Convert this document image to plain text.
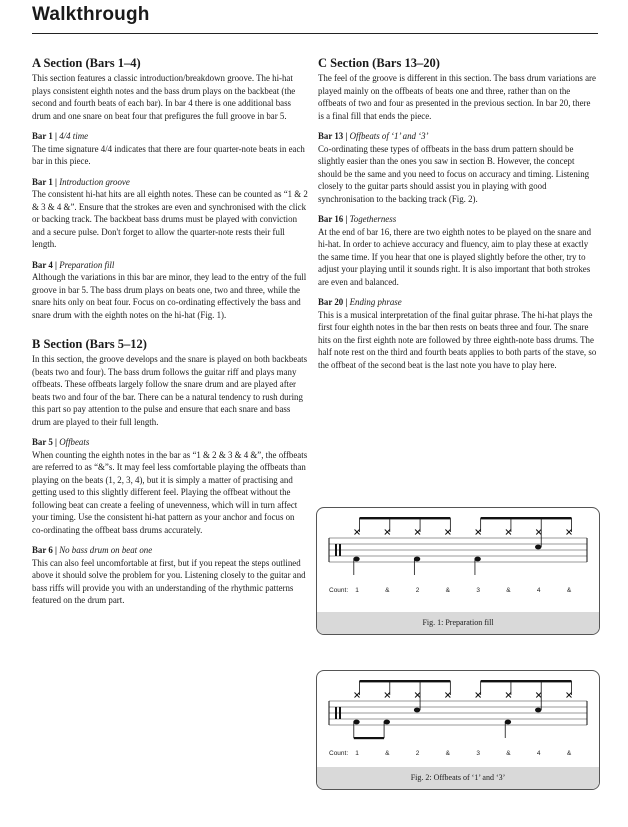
Walkthrough
A Section (Bars 1–4)

This section features a classic introduction/breakdown groove. The hi-hat plays consistent eighth notes and the bass drum plays on the backbeat (the second and fourth beats of each bar). In bar 4 there is one additional bass drum and one snare on beat four that prefigures the full groove in bar 5.

Bar 1 | 4/4 time

The time signature 4/4 indicates that there are four quarter-note beats in each bar in this piece.

Bar 1 | Introduction groove

The consistent hi-hat hits are all eighth notes. These can be counted as “1 & 2 & 3 & 4 &”. Ensure that the strokes are even and synchronised with the click or backing track. The backbeat bass drums must be played with conviction and a secure pulse. Don't forget to allow the quarter-note rests their full length.

Bar 4 | Preparation fill

Although the variations in this bar are minor, they lead to the entry of the full groove in bar 5. The bass drum plays on beats one, two and three, while the snare hits only on beat four. Focus on co-ordinating effectively the bass and snare drum with the eighth notes on the hi-hat (Fig. 1).

B Section (Bars 5–12)

In this section, the groove develops and the snare is played on both backbeats (beats two and four). The bass drum follows the guitar riff and plays many offbeats. These offbeats largely follow the snare drum and are played after beats two and four of the bar. There can be a natural tendency to rush during this part so pay attention to the pulse and ensure that each snare and bass drum are played to their full length.

Bar 5 | Offbeats

When counting the eighth notes in the bar as “1 & 2 & 3 & 4 &”, the offbeats are referred to as “&”s. It may feel less comfortable playing the offbeats than playing on the beats (1, 2, 3, 4), but it is simply a matter of practising and getting used to this slightly different feel. Playing the offbeat without the following beat can create a feeling of unevenness, which will in turn affect your timing. Use the consistent hi-hat pattern as your anchor and focus on co-ordinating the offbeat bass drums accurately.

Bar 6 | No bass drum on beat one

This can also feel uncomfortable at first, but if you repeat the steps outlined above it should solve the problem for you. Listening closely to the guitar and bass riffs will provide you with an understanding of the rhythmic patterns featured on the drum part.

C Section (Bars 13–20)

The feel of the groove is different in this section. The bass drum variations are played mainly on the offbeats of beats one and three, rather than on the offbeats of two and four as presented in the previous section. In bar 20, there is a final fill that ends the piece.

Bar 13 | Offbeats of ‘1’ and ‘3’

Co-ordinating these types of offbeats in the bass drum pattern should be slightly easier than the ones you saw in section B. However, the concept should be the same and you need to focus on accuracy and timing. Listening closely to the guitar parts should assist you in playing with good synchronisation to the backing track (Fig. 2).

Bar 16 | Togetherness

At the end of bar 16, there are two eighth notes to be played on the snare and hi-hat. In order to achieve accuracy and fluency, aim to play these at exactly the same time. If you hear that one is played slightly before the other, try to adjust your playing until it sounds right. It is also important that both strokes are even and balanced.

Bar 20 | Ending phrase

This is a musical interpretation of the final guitar phrase. The hi-hat plays the first four eighth notes in the bar then rests on beats three and four. The snare hits on the first eighth note are followed by three eighth-note bass drums. The half note rest on the third and fourth beats applies to both parts of the stave, so the offbeat of the second beat is the last note you have to play here.

Count: 1	&	2	&	3	&	4	&
Fig. 1: Preparation fill
Count: 1	&	2	&	3	&	4	&
Fig. 2: Offbeats of ‘1’ and ‘3’
